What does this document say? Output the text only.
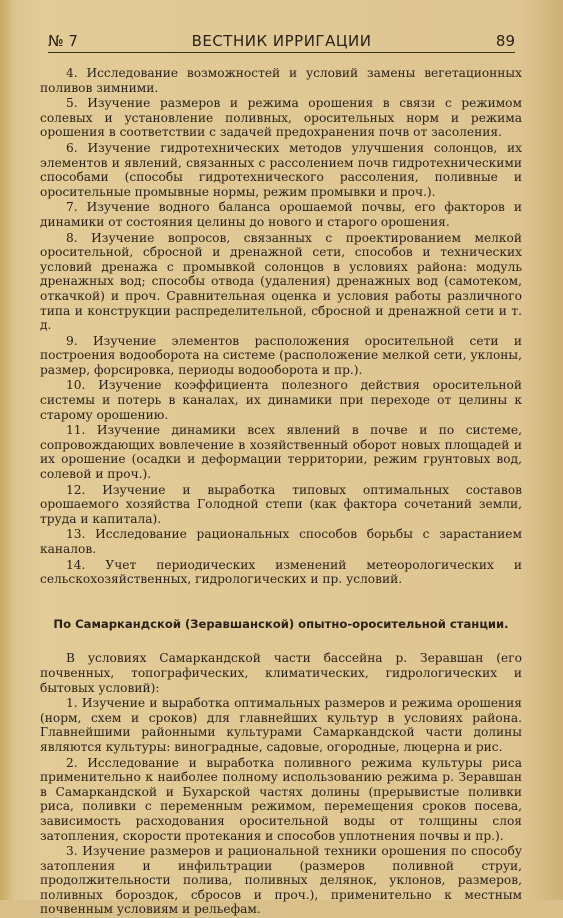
№ 7	ВЕСТНИК ИРРИГАЦИИ	89

4. Исследование возможностей и условий замены вегетационных поливов зимними.

5. Изучение размеров и режима орошения в связи с режимом солевых и установление поливных, оросительных норм и режима орошения в соответствии с задачей предохранения почв от засоления.

6. Изучение гидротехнических методов улучшения солонцов, их элементов и явлений, связанных с рассолением почв гидротехническими способами (способы гидротехнического рассоления, поливные и оросительные промывные нормы, режим промывки и проч.).

7. Изучение водного баланса орошаемой почвы, его факторов и динамики от состояния целины до нового и старого орошения.

8. Изучение вопросов, связанных с проектированием мелкой оросительной, сбросной и дренажной сети, способов и технических условий дренажа с промывкой солонцов в условиях района: модуль дренажных вод; способы отвода (удаления) дренажных вод (самотеком, откачкой) и проч. Сравнительная оценка и условия работы различного типа и конструкции распределительной, сбросной и дренажной сети и т. д.

9. Изучение элементов расположения оросительной сети и построения водооборота на системе (расположение мелкой сети, уклоны, размер, форсировка, периоды водооборота и пр.).

10. Изучение коэффициента полезного действия оросительной системы и потерь в каналах, их динамики при переходе от целины к старому орошению.

11. Изучение динамики всех явлений в почве и по системе, сопровождающих вовлечение в хозяйственный оборот новых площадей и их орошение (осадки и деформации территории, режим грунтовых вод, солевой и проч.).

12. Изучение и выработка типовых оптимальных составов орошаемого хозяйства Голодной степи (как фактора сочетаний земли, труда и капитала).

13. Исследование рациональных способов борьбы с зарастанием каналов.

14. Учет периодических изменений метеорологических и сельскохозяйственных, гидрологических и пр. условий.

По Самаркандской (Зеравшанской) опытно-оросительной станции.

В условиях Самаркандской части бассейна р. Зеравшан (его почвенных, топографических, климатических, гидрологических и бытовых условий):

1. Изучение и выработка оптимальных размеров и режима орошения (норм, схем и сроков) для главнейших культур в условиях района. Главнейшими районными культурами Самаркандской части долины являются культуры: виноградные, садовые, огородные, люцерна и рис.

2. Исследование и выработка поливного режима культуры риса применительно к наиболее полному использованию режима р. Зеравшан в Самаркандской и Бухарской частях долины (прерывистые поливки риса, поливки с переменным режимом, перемещения сроков посева, зависимость расходования оросительной воды от толщины слоя затопления, скорости протекания и способов уплотнения почвы и пр.).

3. Изучение размеров и рациональной техники орошения по способу затопления и инфильтрации (размеров поливной струи, продолжительности полива, поливных делянок, уклонов, размеров, поливных бороздок, сбросов и проч.), применительно к местным почвенным условиям и рельефам.
